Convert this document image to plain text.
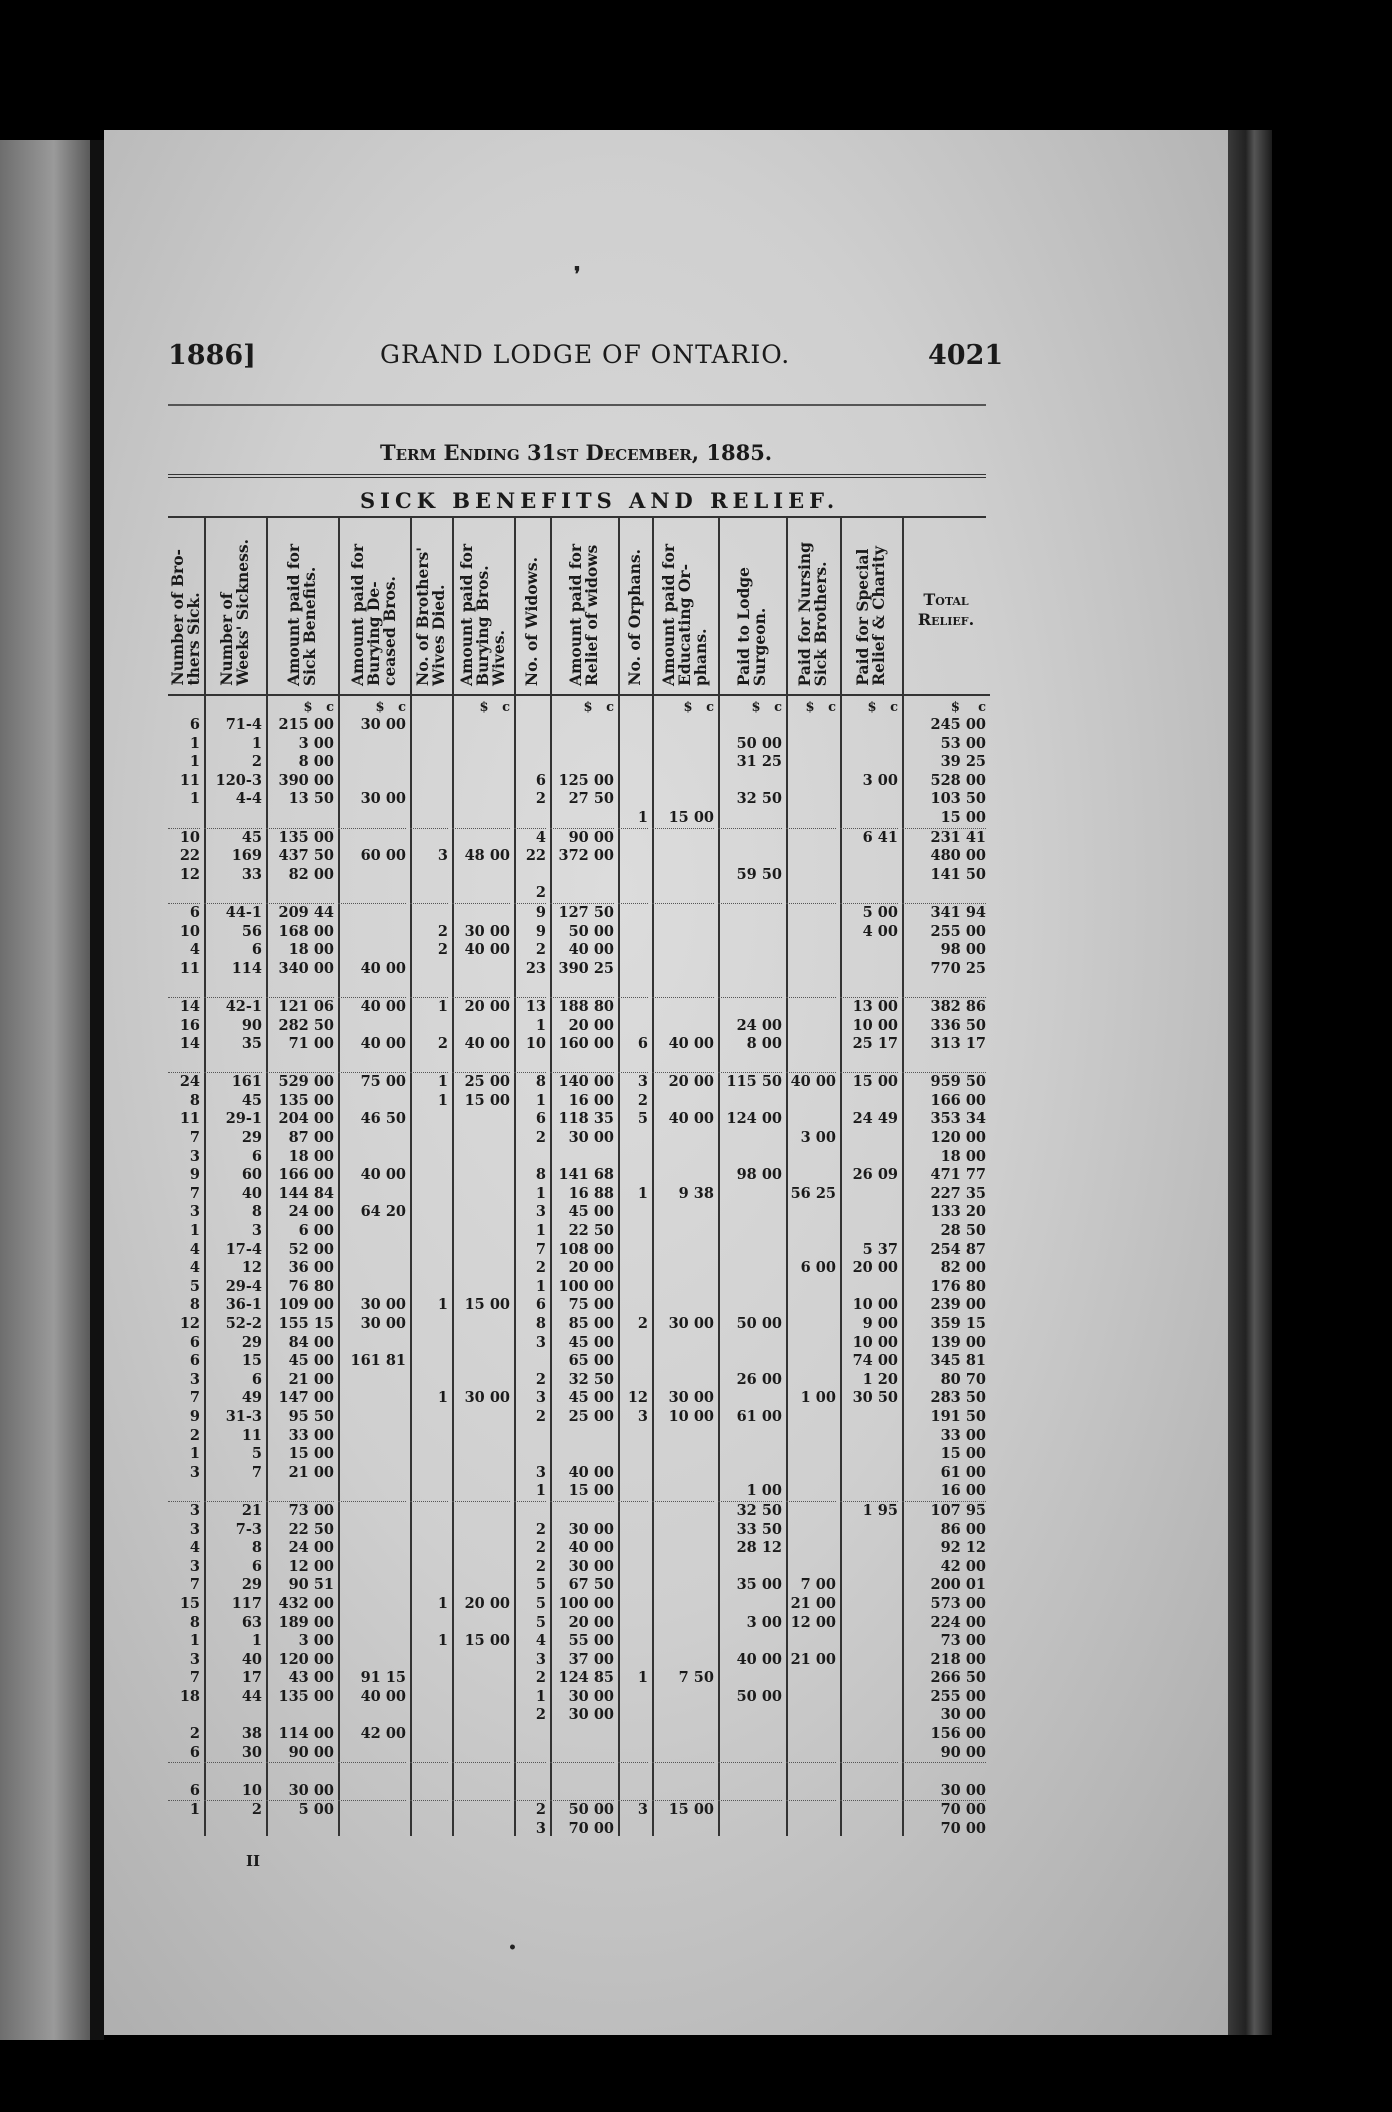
1886]	GRAND LODGE OF ONTARIO.	4021
Term Ending 31st December, 1885.
SICK BENEFITS AND RELIEF.
Number of Bro-
thers Sick.
6
1
1
11
1
10
22
12
6
10
4
11
14
16
14
24
8
11
7
3
9
7
3
1
4
4
5
8
12
6
6
3
7
9
2
1
3
3
3
4
3
7
15
8
1
3
7
18
2
6
6
1
Number of
Weeks' Sickness.
71-4
1
2
120-3
4-4
45
169
33
44-1
56
6
114
42-1
90
35
161
45
29-1
29
6
60
40
8
3
17-4
12
29-4
36-1
52-2
29
15
6
49
31-3
11
5
7
21
7-3
8
6
29
117
63
1
40
17
44
38
30
10
2
Amount paid for
Sick Benefits.
$   c
215 00
3 00
8 00
390 00
13 50
135 00
437 50
82 00
209 44
168 00
18 00
340 00
121 06
282 50
71 00
529 00
135 00
204 00
87 00
18 00
166 00
144 84
24 00
6 00
52 00
36 00
76 80
109 00
155 15
84 00
45 00
21 00
147 00
95 50
33 00
15 00
21 00
73 00
22 50
24 00
12 00
90 51
432 00
189 00
3 00
120 00
43 00
135 00
114 00
90 00
30 00
5 00
Amount paid for
Burying De-
ceased Bros.
$   c
30 00
30 00
60 00
40 00
40 00
40 00
75 00
46 50
40 00
64 20
30 00
30 00
161 81
91 15
40 00
42 00
No. of Brothers'
Wives Died.
3
2
2
1
2
1
1
1
1
1
1
Amount paid for
Burying Bros.
Wives.
$   c
48 00
30 00
40 00
20 00
40 00
25 00
15 00
15 00
30 00
20 00
15 00
No. of Widows.
6
2
4
22
2
9
9
2
23
13
1
10
8
1
6
2
8
1
3
1
7
2
1
6
8
3
2
3
2
3
1
2
2
2
5
5
5
4
3
2
1
2
2
3
Amount paid for
Relief of widows
$   c
125 00
27 50
90 00
372 00
127 50
50 00
40 00
390 25
188 80
20 00
160 00
140 00
16 00
118 35
30 00
141 68
16 88
45 00
22 50
108 00
20 00
100 00
75 00
85 00
45 00
65 00
32 50
45 00
25 00
40 00
15 00
30 00
40 00
30 00
67 50
100 00
20 00
55 00
37 00
124 85
30 00
30 00
50 00
70 00
No. of Orphans.
1
6
3
2
5
1
2
12
3
1
3
Amount paid for
Educating Or-
phans.
$   c
15 00
40 00
20 00
40 00
9 38
30 00
30 00
10 00
7 50
15 00
Paid to Lodge
Surgeon.
$   c
50 00
31 25
32 50
59 50
24 00
8 00
115 50
124 00
98 00
50 00
26 00
61 00
1 00
32 50
33 50
28 12
35 00
3 00
40 00
50 00
Paid for Nursing
Sick Brothers.
$   c
40 00
3 00
56 25
6 00
1 00
7 00
21 00
12 00
21 00
Paid for Special
Relief & Charity
$   c
3 00
6 41
5 00
4 00
13 00
10 00
25 17
15 00
24 49
26 09
5 37
20 00
10 00
9 00
10 00
74 00
1 20
30 50
1 95
Total
Relief.
$    c
245 00
53 00
39 25
528 00
103 50
15 00
231 41
480 00
141 50
341 94
255 00
98 00
770 25
382 86
336 50
313 17
959 50
166 00
353 34
120 00
18 00
471 77
227 35
133 20
28 50
254 87
82 00
176 80
239 00
359 15
139 00
345 81
80 70
283 50
191 50
33 00
15 00
61 00
16 00
107 95
86 00
92 12
42 00
200 01
573 00
224 00
73 00
218 00
266 50
255 00
30 00
156 00
90 00
30 00
70 00
70 00
II
❜
•
